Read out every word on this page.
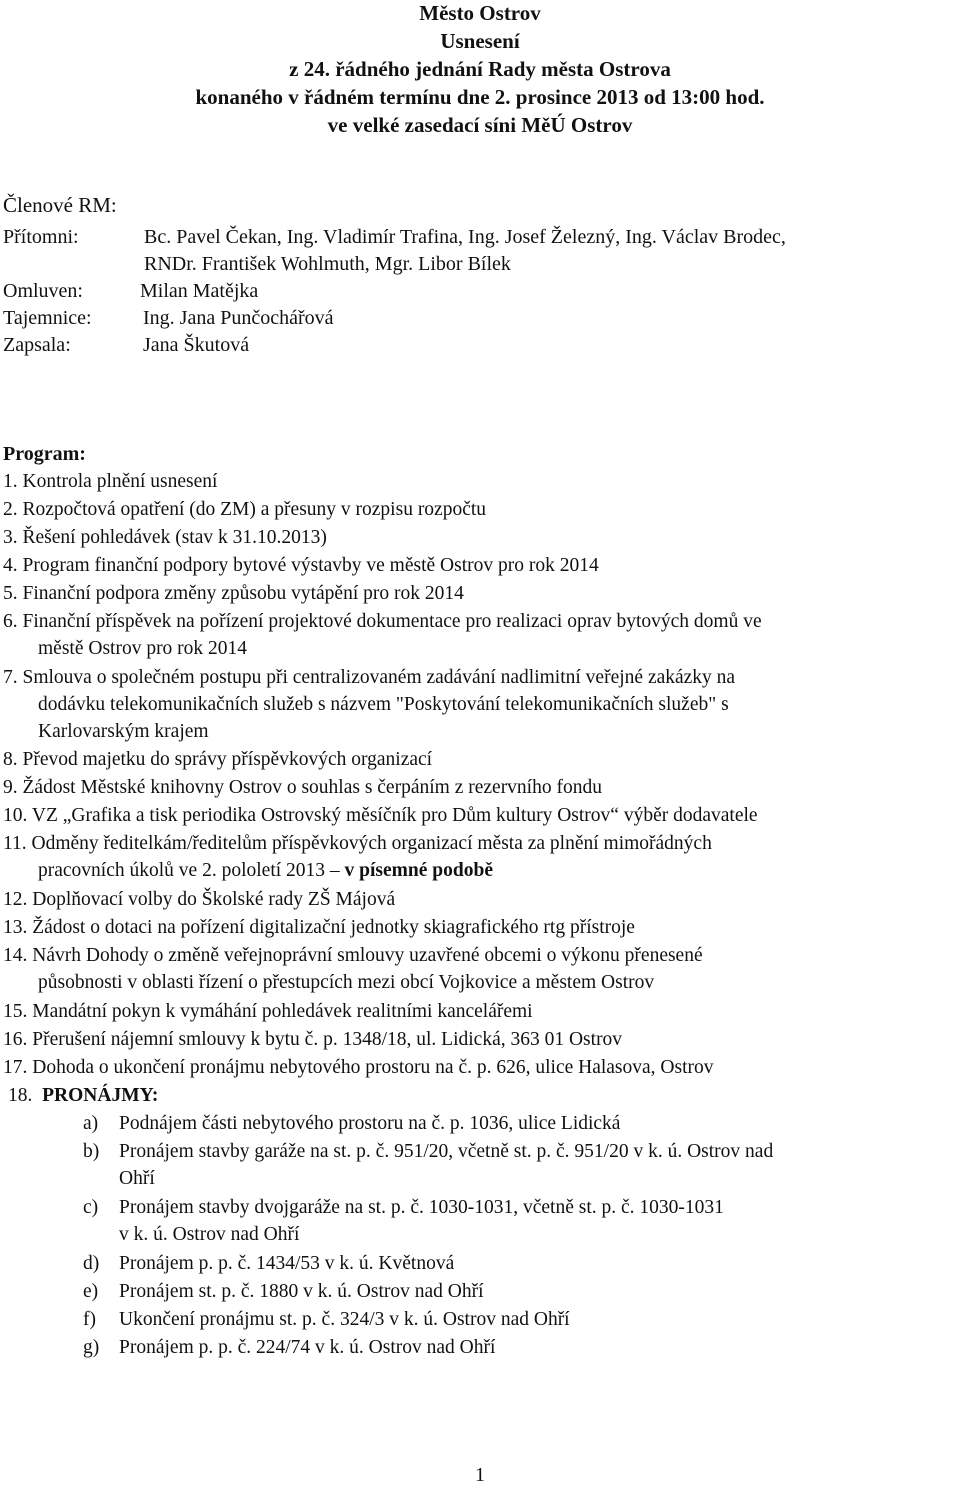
Město Ostrov
Usnesení
z 24. řádného jednání Rady města Ostrova
konaného v řádném termínu dne 2. prosince 2013 od 13:00 hod.
ve velké zasedací síni MěÚ Ostrov
Členové RM:
Přítomni:	Bc. Pavel Čekan, Ing. Vladimír Trafina, Ing. Josef Železný, Ing. Václav Brodec,
RNDr. František Wohlmuth, Mgr. Libor Bílek
Omluven:	Milan Matějka
Tajemnice:	Ing. Jana Punčochářová
Zapsala:	Jana Škutová
Program:
1. Kontrola plnění usnesení
2. Rozpočtová opatření (do ZM) a přesuny v rozpisu rozpočtu
3. Řešení pohledávek (stav k 31.10.2013)
4. Program finanční podpory bytové výstavby ve městě Ostrov pro rok 2014
5. Finanční podpora změny způsobu vytápění pro rok 2014
6. Finanční příspěvek na pořízení projektové dokumentace pro realizaci oprav bytových domů ve
městě Ostrov pro rok 2014
7. Smlouva o společném postupu při centralizovaném zadávání nadlimitní veřejné zakázky na
dodávku telekomunikačních služeb s názvem "Poskytování telekomunikačních služeb" s
Karlovarským krajem
8. Převod majetku do správy příspěvkových organizací
9. Žádost Městské knihovny Ostrov o souhlas s čerpáním z rezervního fondu
10. VZ „Grafika a tisk periodika Ostrovský měsíčník pro Dům kultury Ostrov“ výběr dodavatele
11. Odměny ředitelkám/ředitelům příspěvkových organizací města za plnění mimořádných
pracovních úkolů ve 2. pololetí 2013 – v písemné podobě
12. Doplňovací volby do Školské rady ZŠ Májová
13. Žádost o dotaci na pořízení digitalizační jednotky skiagrafického rtg přístroje
14. Návrh Dohody o změně veřejnoprávní smlouvy uzavřené obcemi o výkonu přenesené
působnosti v oblasti řízení o přestupcích mezi obcí Vojkovice a městem Ostrov
15. Mandátní pokyn k vymáhání pohledávek realitními kancelářemi
16. Přerušení nájemní smlouvy k bytu č. p. 1348/18, ul. Lidická, 363 01 Ostrov
17. Dohoda o ukončení pronájmu nebytového prostoru na č. p. 626, ulice Halasova, Ostrov
18. PRONÁJMY:
a) Podnájem části nebytového prostoru na č. p. 1036, ulice Lidická
b) Pronájem stavby garáže na st. p. č. 951/20, včetně st. p. č. 951/20 v k. ú. Ostrov nad
Ohří
c) Pronájem stavby dvojgaráže na st. p. č. 1030-1031, včetně st. p. č. 1030-1031
v k. ú. Ostrov nad Ohří
d) Pronájem p. p. č. 1434/53 v k. ú. Květnová
e) Pronájem st. p. č. 1880 v k. ú. Ostrov nad Ohří
f) Ukončení pronájmu st. p. č. 324/3 v k. ú. Ostrov nad Ohří
g) Pronájem p. p. č. 224/74 v k. ú. Ostrov nad Ohří
1
